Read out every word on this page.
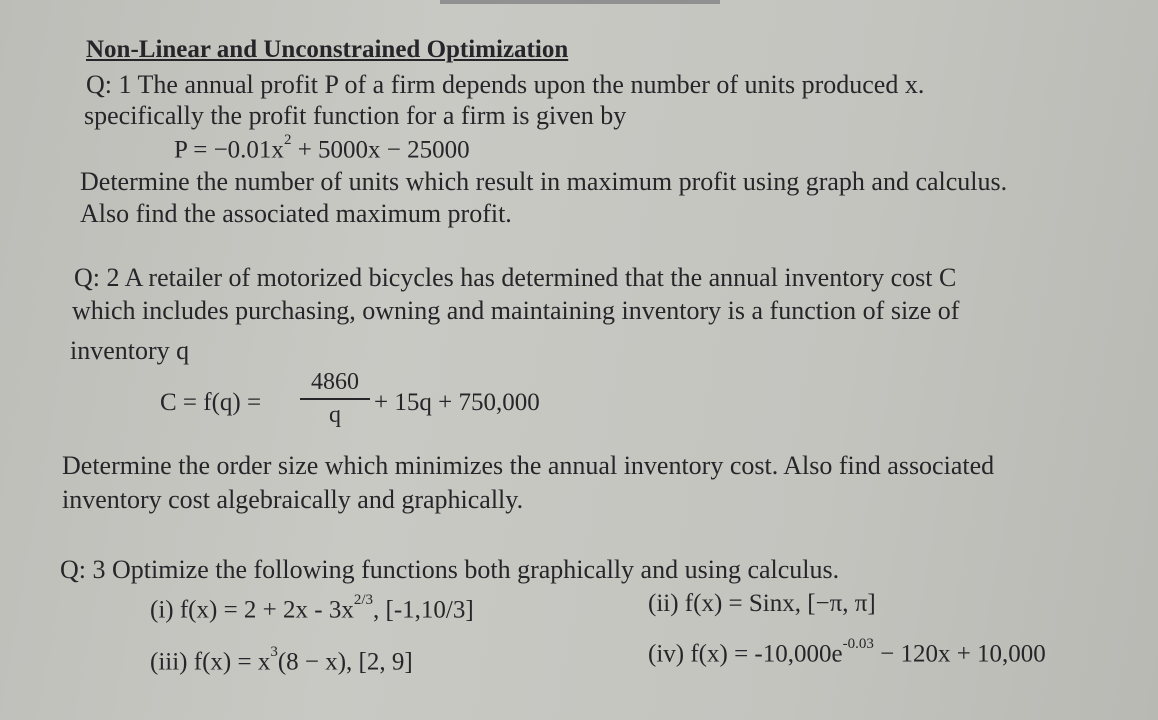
Non-Linear and Unconstrained Optimization
Q: 1 The annual profit P of a firm depends upon the number of units produced x.
specifically the profit function for a firm is given by
$P = -0.01x^2 + 5000x - 25000$
Determine the number of units which result in maximum profit using graph and calculus.
Also find the associated maximum profit.
Q: 2 A retailer of motorized bicycles has determined that the annual inventory cost C
which includes purchasing, owning and maintaining inventory is a function of size of
inventory q
C = f(q) =
4860
q	+ 15q + 750,000
Determine the order size which minimizes the annual inventory cost. Also find associated
inventory cost algebraically and graphically.
Q: 3 Optimize the following functions both graphically and using calculus.
(i) $f(x) = 2 + 2x - 3x^{2/3}$, [-1,10/3]	(ii) f(x) = Sinx, [−π, π]
(iii) $f(x) = x^3(8 - x)$, [2, 9]	(iv) $f(x) = -10,000e^{-0.03} - 120x + 10,000$
